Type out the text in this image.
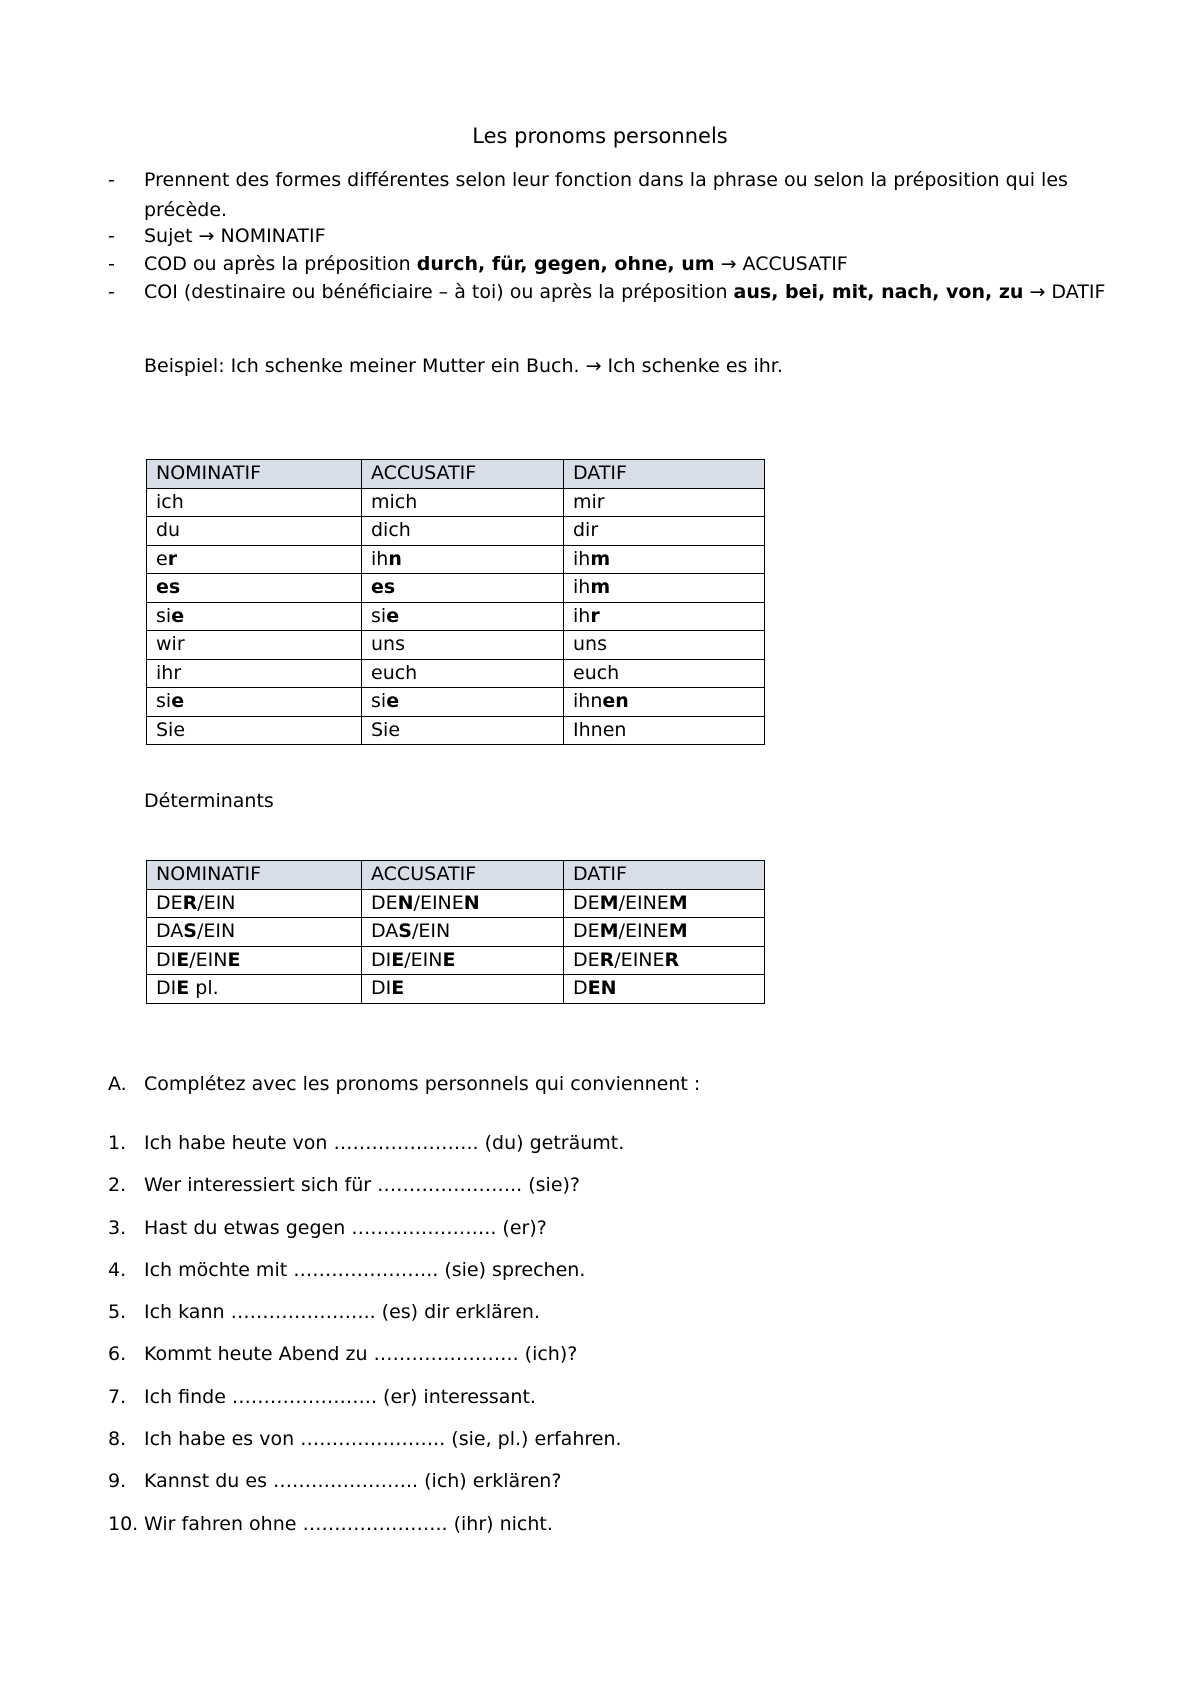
Les pronoms personnels

- Prennent des formes différentes selon leur fonction dans la phrase ou selon la préposition qui les précède.

- Sujet → NOMINATIF

- COD ou après la préposition durch, für, gegen, ohne, um → ACCUSATIF

- COI (destinaire ou bénéficiaire – à toi) ou après la préposition aus, bei, mit, nach, von, zu → DATIF

Beispiel: Ich schenke meiner Mutter ein Buch. → Ich schenke es ihr.
NOMINATIF	ACCUSATIF	DATIF
ich	mich	mir
du	dich	dir
er	ihn	ihm
es	es	ihm
sie	sie	ihr
wir	uns	uns
ihr	euch	euch
sie	sie	ihnen
Sie	Sie	Ihnen
Déterminants
NOMINATIF	ACCUSATIF	DATIF
DER/EIN	DEN/EINEN	DEM/EINEM
DAS/EIN	DAS/EIN	DEM/EINEM
DIE/EINE	DIE/EINE	DER/EINER
DIE pl.	DIE	DEN
A. Complétez avec les pronoms personnels qui conviennent :
1. Ich habe heute von ………………….. (du) geträumt.
2. Wer interessiert sich für ………………….. (sie)?
3. Hast du etwas gegen ………………….. (er)?
4. Ich möchte mit ………………….. (sie) sprechen.
5. Ich kann ………………….. (es) dir erklären.
6. Kommt heute Abend zu ………………….. (ich)?
7. Ich finde ………………….. (er) interessant.
8. Ich habe es von ………………….. (sie, pl.) erfahren.
9. Kannst du es ………………….. (ich) erklären?
10. Wir fahren ohne ………………….. (ihr) nicht.
